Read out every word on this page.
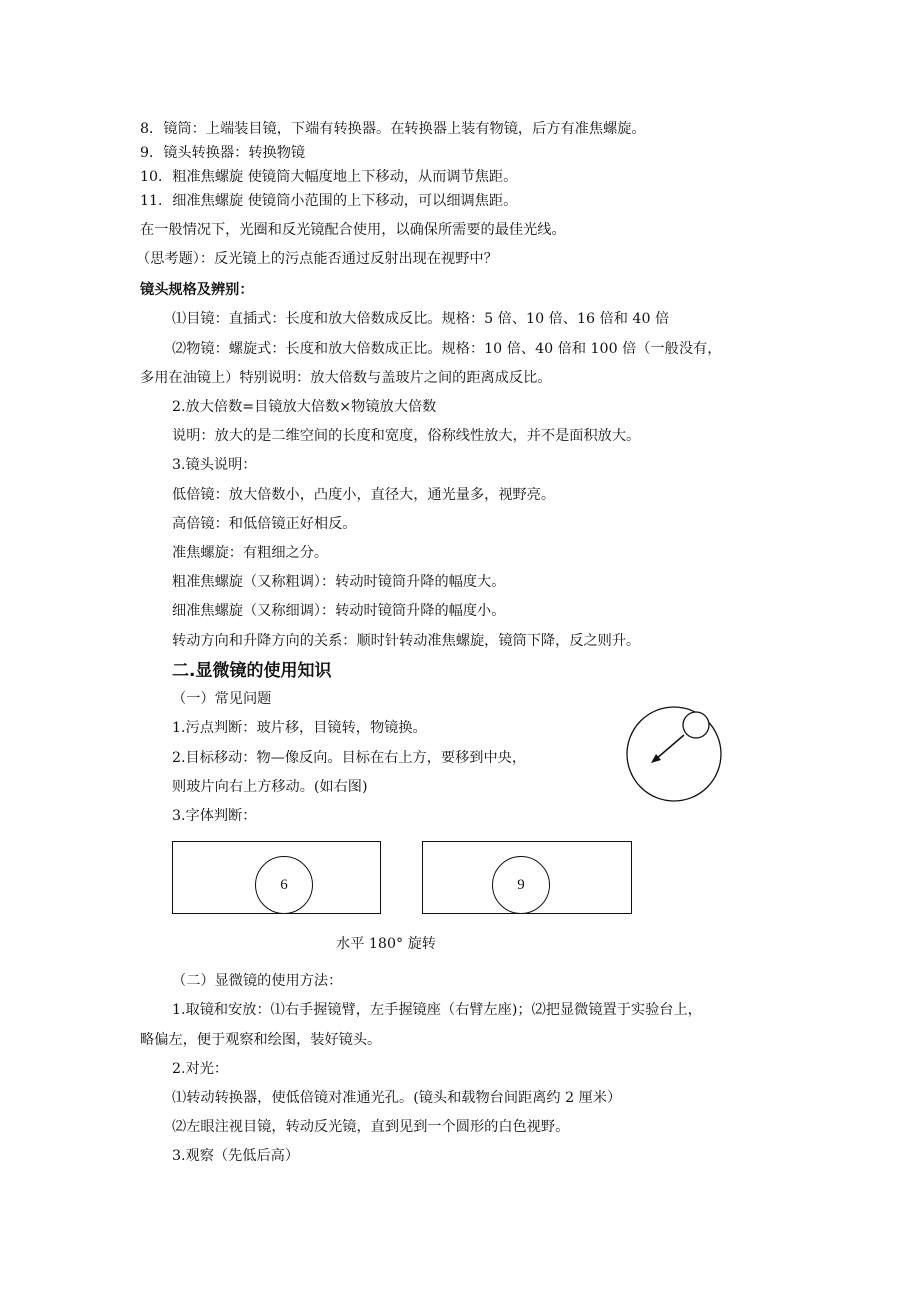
8．镜筒：上端装目镜，下端有转换器。在转换器上装有物镜，后方有准焦螺旋。
9．镜头转换器：转换物镜
10．粗准焦螺旋 使镜筒大幅度地上下移动，从而调节焦距。
11．细准焦螺旋 使镜筒小范围的上下移动，可以细调焦距。
在一般情况下，光圈和反光镜配合使用，以确保所需要的最佳光线。
（思考题）：反光镜上的污点能否通过反射出现在视野中？
镜头规格及辨别：
⑴目镜：直插式：长度和放大倍数成反比。规格：5 倍、10 倍、16 倍和 40 倍
⑵物镜：螺旋式：长度和放大倍数成正比。规格：10 倍、40 倍和 100 倍（一般没有，
多用在油镜上）特别说明：放大倍数与盖玻片之间的距离成反比。
2.放大倍数=目镜放大倍数×物镜放大倍数
说明：放大的是二维空间的长度和宽度，俗称线性放大，并不是面积放大。
3.镜头说明：
低倍镜：放大倍数小，凸度小，直径大，通光量多，视野亮。
高倍镜：和低倍镜正好相反。
准焦螺旋：有粗细之分。
粗准焦螺旋（又称粗调）：转动时镜筒升降的幅度大。
细准焦螺旋（又称细调）：转动时镜筒升降的幅度小。
转动方向和升降方向的关系：顺时针转动准焦螺旋，镜筒下降，反之则升。
二.显微镜的使用知识
（一）常见问题
1.污点判断：玻片移，目镜转，物镜换。
2.目标移动：物—像反向。目标在右上方，要移到中央，
则玻片向右上方移动。(如右图)
3.字体判断：
6	9
水平 180° 旋转
（二）显微镜的使用方法：
1.取镜和安放：⑴右手握镜臂，左手握镜座（右臂左座)；⑵把显微镜置于实验台上，
略偏左，便于观察和绘图，装好镜头。
2.对光：
⑴转动转换器，使低倍镜对准通光孔。(镜头和载物台间距离约 2 厘米）
⑵左眼注视目镜，转动反光镜，直到见到一个圆形的白色视野。
3.观察（先低后高）
